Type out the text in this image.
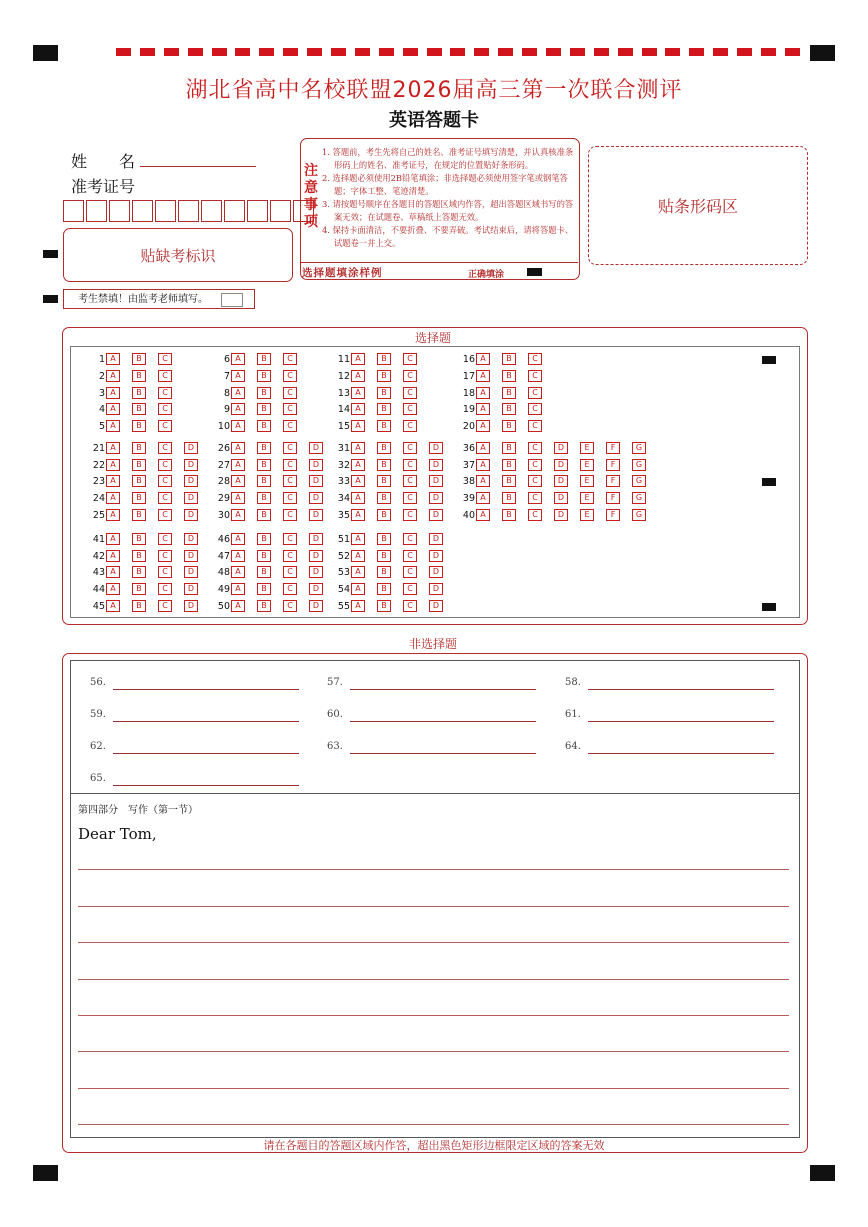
湖北省高中名校联盟2026届高三第一次联合测评
英语答题卡
姓　　名
准考证号
贴缺考标识
考生禁填！由监考老师填写。
注
意
事
项
1. 答题前，考生先将自己的姓名、准考证号填写清楚，并认真核准条形码上的姓名、准考证号，在规定的位置贴好条形码。
2. 选择题必须使用2B铅笔填涂；非选择题必须使用签字笔或钢笔答题；字体工整、笔迹清楚。
3. 请按题号顺序在各题目的答题区域内作答，超出答题区域书写的答案无效；在试题卷、草稿纸上答题无效。
4. 保持卡面清洁，不要折叠、不要弄破。考试结束后，请将答题卡、试题卷一并上交。
选择题填涂样例	正确填涂
贴条形码区
选择题
1 A	B	C
2 A	B	C
3 A	B	C
4 A	B	C
5 A	B	C
6 A	B	C
7 A	B	C
8 A	B	C
9 A	B	C
10 A	B	C
11 A	B	C
12 A	B	C
13 A	B	C
14 A	B	C
15 A	B	C
16 A	B	C
17 A	B	C
18 A	B	C
19 A	B	C
20 A	B	C
21 A	B	C	D
22 A	B	C	D
23 A	B	C	D
24 A	B	C	D
25 A	B	C	D
26 A	B	C	D
27 A	B	C	D
28 A	B	C	D
29 A	B	C	D
30 A	B	C	D
31 A	B	C	D
32 A	B	C	D
33 A	B	C	D
34 A	B	C	D
35 A	B	C	D
36 A	B	C	D	E	F	G
37 A	B	C	D	E	F	G
38 A	B	C	D	E	F	G
39 A	B	C	D	E	F	G
40 A	B	C	D	E	F	G
41 A	B	C	D
42 A	B	C	D
43 A	B	C	D
44 A	B	C	D
45 A	B	C	D
46 A	B	C	D
47 A	B	C	D
48 A	B	C	D
49 A	B	C	D
50 A	B	C	D
51 A	B	C	D
52 A	B	C	D
53 A	B	C	D
54 A	B	C	D
55 A	B	C	D
非选择题
56.	57.	58.
59.	60.	61.
62.	63.	64.
65.
第四部分　写作（第一节）
Dear Tom,
请在各题目的答题区域内作答，超出黑色矩形边框限定区域的答案无效
